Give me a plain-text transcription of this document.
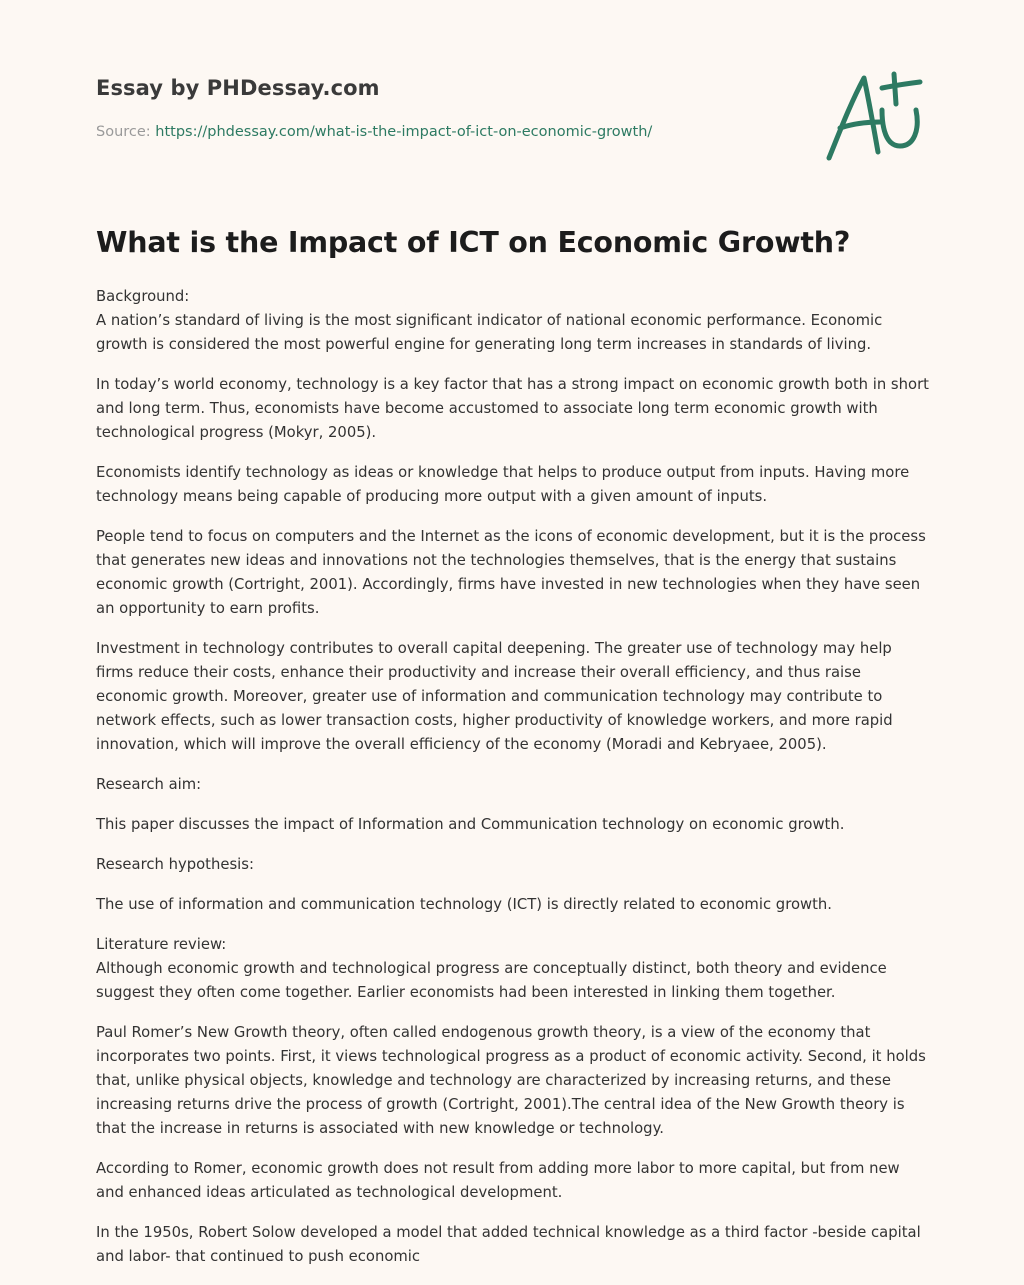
Essay by PHDessay.com
Source: https://phdessay.com/what-is-the-impact-of-ict-on-economic-growth/
What is the Impact of ICT on Economic Growth?

Background:
A nation’s standard of living is the most significant indicator of national economic performance. Economic growth is considered the most powerful engine for generating long term increases in standards of living.

In today’s world economy, technology is a key factor that has a strong impact on economic growth both in short and long term. Thus, economists have become accustomed to associate long term economic growth with technological progress (Mokyr, 2005).

Economists identify technology as ideas or knowledge that helps to produce output from inputs. Having more technology means being capable of producing more output with a given amount of inputs.

People tend to focus on computers and the Internet as the icons of economic development, but it is the process that generates new ideas and innovations not the technologies themselves, that is the energy that sustains economic growth (Cortright, 2001). Accordingly, firms have invested in new technologies when they have seen an opportunity to earn profits.

Investment in technology contributes to overall capital deepening. The greater use of technology may help firms reduce their costs, enhance their productivity and increase their overall efficiency, and thus raise economic growth. Moreover, greater use of information and communication technology may contribute to network effects, such as lower transaction costs, higher productivity of knowledge workers, and more rapid innovation, which will improve the overall efficiency of the economy (Moradi and Kebryaee, 2005).

Research aim:

This paper discusses the impact of Information and Communication technology on economic growth.

Research hypothesis:

The use of information and communication technology (ICT) is directly related to economic growth.

Literature review:
Although economic growth and technological progress are conceptually distinct, both theory and evidence suggest they often come together. Earlier economists had been interested in linking them together.

Paul Romer’s New Growth theory, often called endogenous growth theory, is a view of the economy that incorporates two points. First, it views technological progress as a product of economic activity. Second, it holds that, unlike physical objects, knowledge and technology are characterized by increasing returns, and these increasing returns drive the process of growth (Cortright, 2001).The central idea of the New Growth theory is that the increase in returns is associated with new knowledge or technology.

According to Romer, economic growth does not result from adding more labor to more capital, but from new and enhanced ideas articulated as technological development.

In the 1950s, Robert Solow developed a model that added technical knowledge as a third factor -beside capital and labor- that continued to push economic
